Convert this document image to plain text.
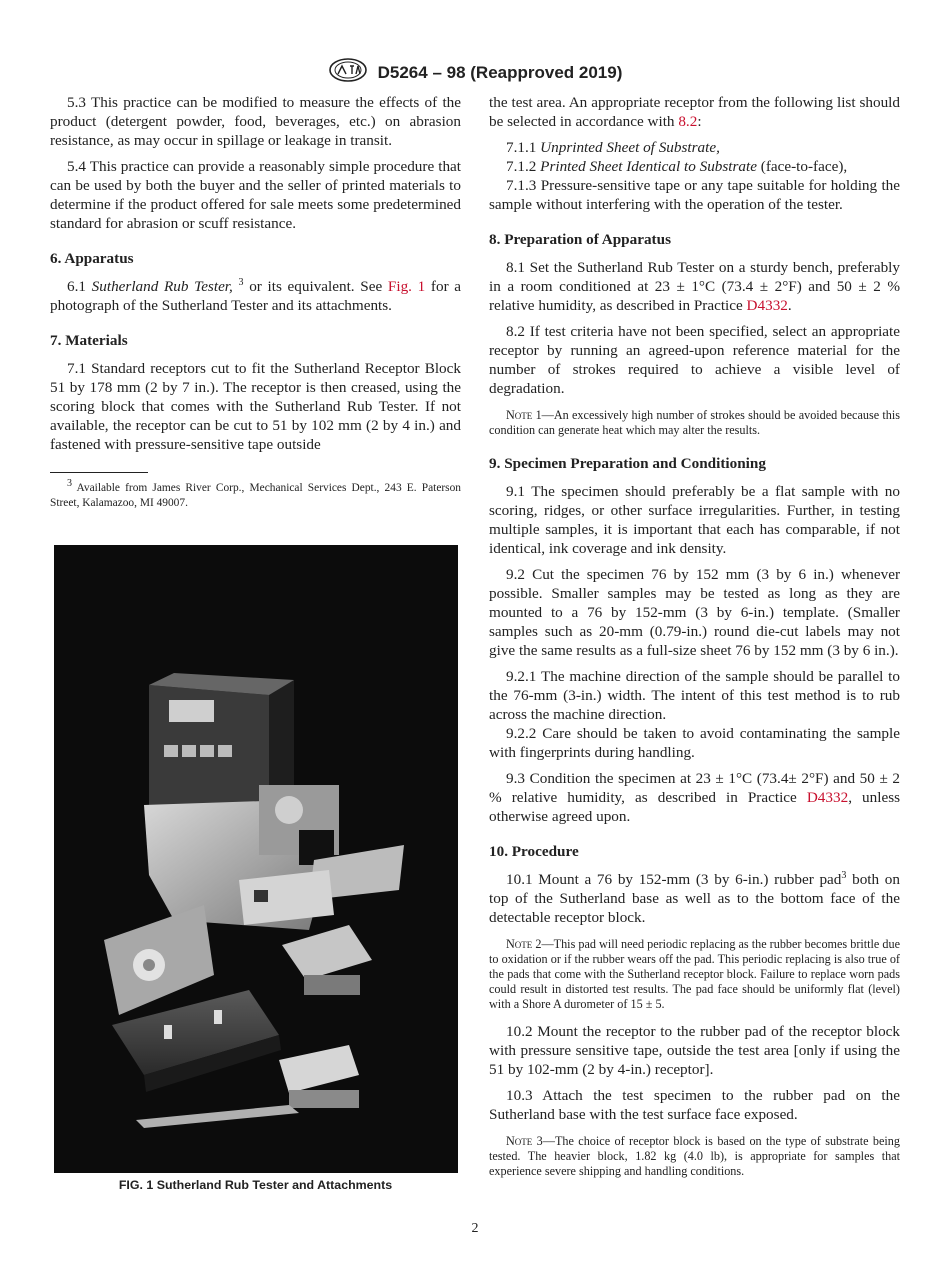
D5264 – 98 (Reapproved 2019)

5.3 This practice can be modified to measure the effects of the product (detergent powder, food, beverages, etc.) on abrasion resistance, as may occur in spillage or leakage in transit.

5.4 This practice can provide a reasonably simple procedure that can be used by both the buyer and the seller of printed materials to determine if the product offered for sale meets some predetermined standard for abrasion or scuff resistance.

6. Apparatus

6.1 Sutherland Rub Tester, $^3$ or its equivalent. See Fig. 1 for a photograph of the Sutherland Tester and its attachments.

7. Materials

7.1 Standard receptors cut to fit the Sutherland Receptor Block 51 by 178 mm (2 by 7 in.). The receptor is then creased, using the scoring block that comes with the Sutherland Rub Tester. If not available, the receptor can be cut to 51 by 102 mm (2 by 4 in.) and fastened with pressure-sensitive tape outside

$^3$ Available from James River Corp., Mechanical Services Dept., 243 E. Paterson Street, Kalamazoo, MI 49007.
FIG. 1 Sutherland Rub Tester and Attachments

the test area. An appropriate receptor from the following list should be selected in accordance with 8.2:

7.1.1 Unprinted Sheet of Substrate,

7.1.2 Printed Sheet Identical to Substrate (face-to-face),

7.1.3 Pressure-sensitive tape or any tape suitable for holding the sample without interfering with the operation of the tester.

8. Preparation of Apparatus

8.1 Set the Sutherland Rub Tester on a sturdy bench, preferably in a room conditioned at 23 ± 1°C (73.4 ± 2°F) and 50 ± 2 % relative humidity, as described in Practice D4332.

8.2 If test criteria have not been specified, select an appropriate receptor by running an agreed-upon reference material for the number of strokes required to achieve a visible level of degradation.

Note 1—An excessively high number of strokes should be avoided because this condition can generate heat which may alter the results.
9. Specimen Preparation and Conditioning

9.1 The specimen should preferably be a flat sample with no scoring, ridges, or other surface irregularities. Further, in testing multiple samples, it is important that each has comparable, if not identical, ink coverage and ink density.

9.2 Cut the specimen 76 by 152 mm (3 by 6 in.) whenever possible. Smaller samples may be tested as long as they are mounted to a 76 by 152-mm (3 by 6-in.) template. (Smaller samples such as 20-mm (0.79-in.) round die-cut labels may not give the same results as a full-size sheet 76 by 152 mm (3 by 6 in.).

9.2.1 The machine direction of the sample should be parallel to the 76-mm (3-in.) width. The intent of this test method is to rub across the machine direction.

9.2.2 Care should be taken to avoid contaminating the sample with fingerprints during handling.

9.3 Condition the specimen at 23 ± 1°C (73.4± 2°F) and 50 ± 2 % relative humidity, as described in Practice D4332, unless otherwise agreed upon.

10. Procedure

10.1 Mount a 76 by 152-mm (3 by 6-in.) rubber pad$^3$ both on top of the Sutherland base as well as to the bottom face of the detectable receptor block.

Note 2—This pad will need periodic replacing as the rubber becomes brittle due to oxidation or if the rubber wears off the pad. This periodic replacing is also true of the pads that come with the Sutherland receptor block. Failure to replace worn pads could result in distorted test results. The pad face should be uniformly flat (level) with a Shore A durometer of 15 ± 5.

10.2 Mount the receptor to the rubber pad of the receptor block with pressure sensitive tape, outside the test area [only if using the 51 by 102-mm (2 by 4-in.) receptor].

10.3 Attach the test specimen to the rubber pad on the Sutherland base with the test surface face exposed.

Note 3—The choice of receptor block is based on the type of substrate being tested. The heavier block, 1.82 kg (4.0 lb), is appropriate for samples that experience severe shipping and handling conditions.
2
